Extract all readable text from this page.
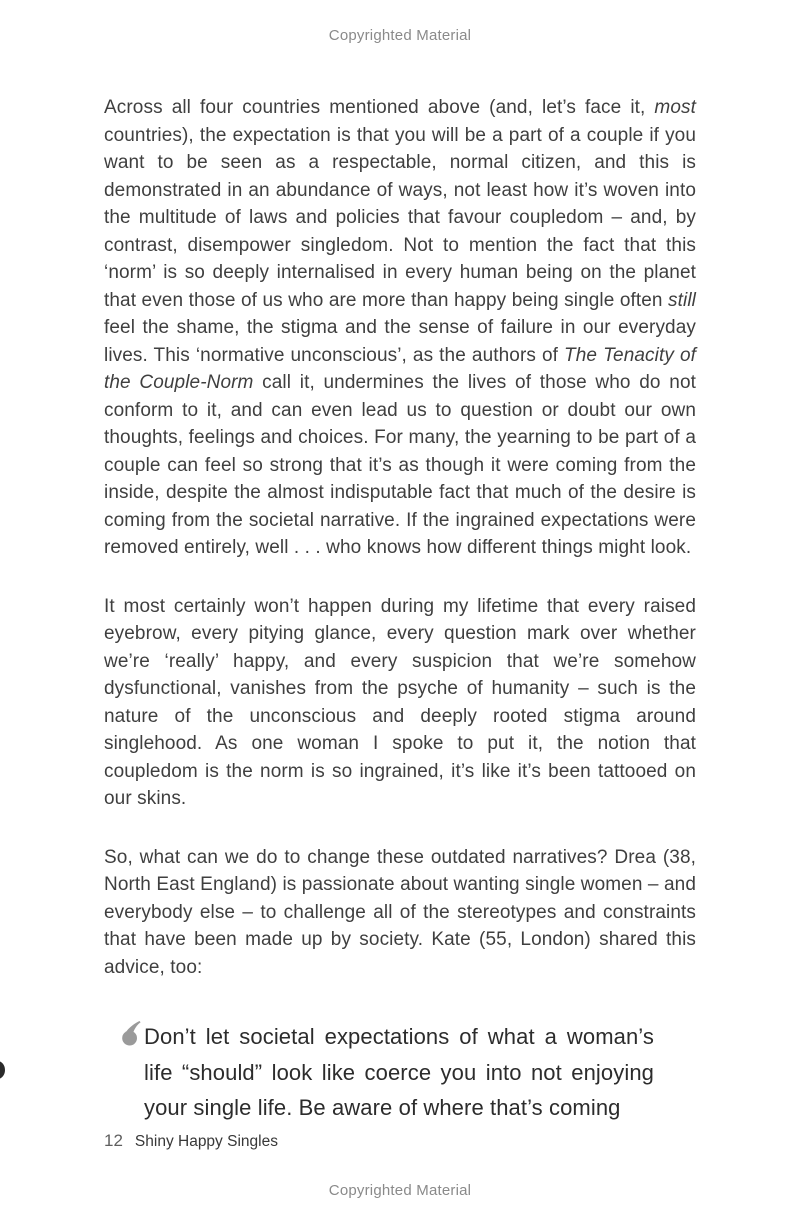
Copyrighted Material

Across all four countries mentioned above (and, let’s face it, most countries), the expectation is that you will be a part of a couple if you want to be seen as a respectable, normal citizen, and this is demonstrated in an abundance of ways, not least how it’s woven into the multitude of laws and policies that favour coupledom – and, by contrast, disempower singledom. Not to mention the fact that this ‘norm’ is so deeply internalised in every human being on the planet that even those of us who are more than happy being single often still feel the shame, the stigma and the sense of failure in our everyday lives. This ‘normative unconscious’, as the authors of The Tenacity of the Couple-Norm call it, undermines the lives of those who do not conform to it, and can even lead us to question or doubt our own thoughts, feelings and choices. For many, the yearning to be part of a couple can feel so strong that it’s as though it were coming from the inside, despite the almost indisputable fact that much of the desire is coming from the societal narrative. If the ingrained expectations were removed entirely, well . . . who knows how different things might look.

It most certainly won’t happen during my lifetime that every raised eyebrow, every pitying glance, every question mark over whether we’re ‘really’ happy, and every suspicion that we’re somehow dysfunctional, vanishes from the psyche of humanity – such is the nature of the unconscious and deeply rooted stigma around singlehood. As one woman I spoke to put it, the notion that coupledom is the norm is so ingrained, it’s like it’s been tattooed on our skins.

So, what can we do to change these outdated narratives? Drea (38, North East England) is passionate about wanting single women – and everybody else – to challenge all of the stereotypes and constraints that have been made up by society. Kate (55, London) shared this advice, too:

Don’t let societal expectations of what a woman’s life “should” look like coerce you into not enjoying your single life. Be aware of where that’s coming
12 Shiny Happy Singles
Copyrighted Material
